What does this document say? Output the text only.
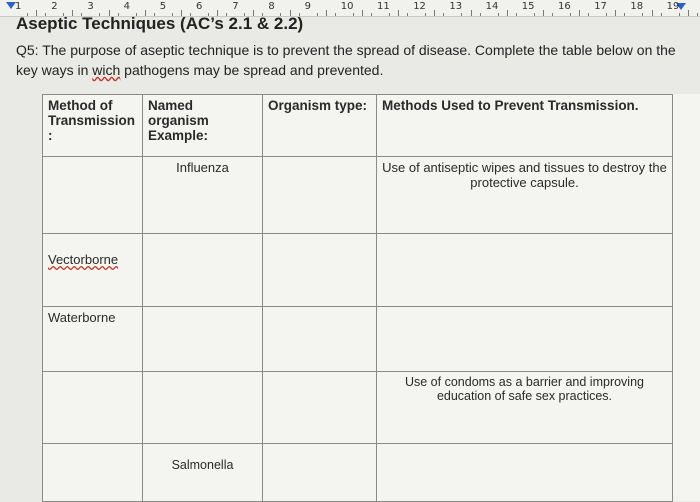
1	2	3	4	5	6	7	8	9	10 11 12 13 14 15 16 17 18 19
Aseptic Techniques (AC’s 2.1 & 2.2)
Q5: The purpose of aseptic technique is to prevent the spread of disease. Complete the table below on the key ways in wich pathogens may be spread and prevented.
Method of Transmission :	Named organism Example:	Organism type:	Methods Used to Prevent Transmission.

	Influenza		Use of antiseptic wipes and tissues to destroy the protective capsule.

Vectorborne			
Waterborne			

			Use of condoms as a barrier and improving education of safe sex practices.

	Salmonella		
